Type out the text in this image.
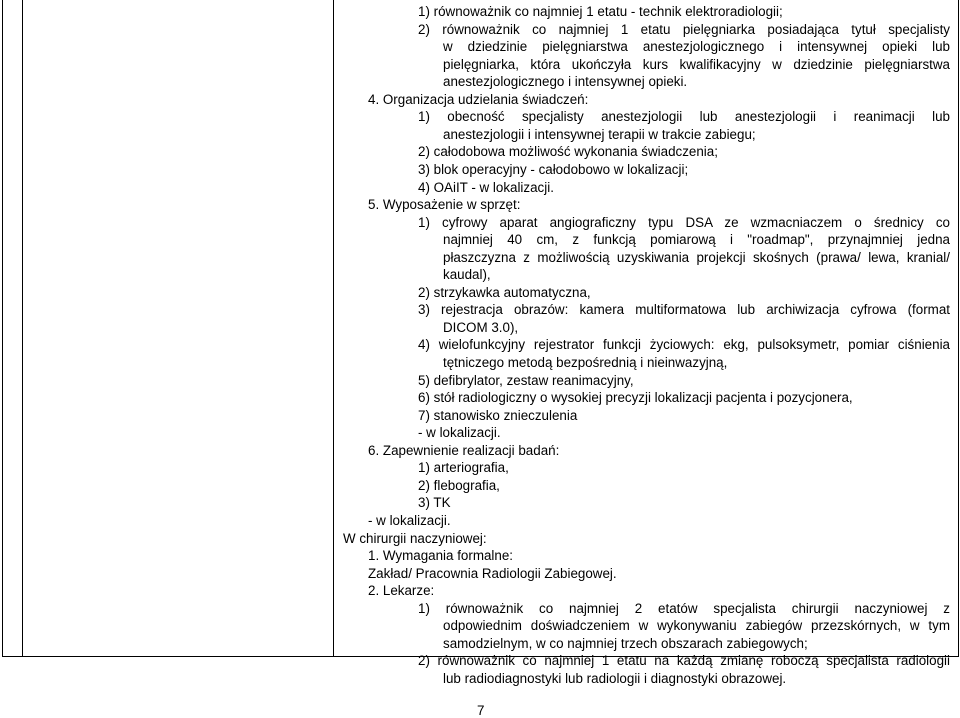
1) równoważnik co najmniej 1 etatu - technik elektroradiologii;
2) równoważnik co najmniej 1 etatu pielęgniarka posiadająca tytuł specjalisty
w dziedzinie pielęgniarstwa anestezjologicznego i intensywnej opieki lub
pielęgniarka, która ukończyła kurs kwalifikacyjny w dziedzinie pielęgniarstwa
anestezjologicznego i intensywnej opieki.
4. Organizacja udzielania świadczeń:
1) obecność specjalisty anestezjologii lub anestezjologii i reanimacji lub
anestezjologii i intensywnej terapii w trakcie zabiegu;
2) całodobowa możliwość wykonania świadczenia;
3) blok operacyjny - całodobowo w lokalizacji;
4) OAiIT - w lokalizacji.
5. Wyposażenie w sprzęt:
1) cyfrowy aparat angiograficzny typu DSA ze wzmacniaczem o średnicy co
najmniej 40 cm, z funkcją pomiarową i "roadmap", przynajmniej jedna
płaszczyzna z możliwością uzyskiwania projekcji skośnych (prawa/ lewa, kranial/
kaudal),
2) strzykawka automatyczna,
3) rejestracja obrazów: kamera multiformatowa lub archiwizacja cyfrowa (format
DICOM 3.0),
4) wielofunkcyjny rejestrator funkcji życiowych: ekg, pulsoksymetr, pomiar ciśnienia
tętniczego metodą bezpośrednią i nieinwazyjną,
5) defibrylator, zestaw reanimacyjny,
6) stół radiologiczny o wysokiej precyzji lokalizacji pacjenta i pozycjonera,
7) stanowisko znieczulenia
- w lokalizacji.
6. Zapewnienie realizacji badań:
1) arteriografia,
2) flebografia,
3) TK
- w lokalizacji.
W chirurgii naczyniowej:
1. Wymagania formalne:
Zakład/ Pracownia Radiologii Zabiegowej.
2. Lekarze:
1) równoważnik co najmniej 2 etatów specjalista chirurgii naczyniowej z
odpowiednim doświadczeniem w wykonywaniu zabiegów przezskórnych, w tym
samodzielnym, w co najmniej trzech obszarach zabiegowych;
2) równoważnik co najmniej 1 etatu na każdą zmianę roboczą specjalista radiologii
lub radiodiagnostyki lub radiologii i diagnostyki obrazowej.
7
